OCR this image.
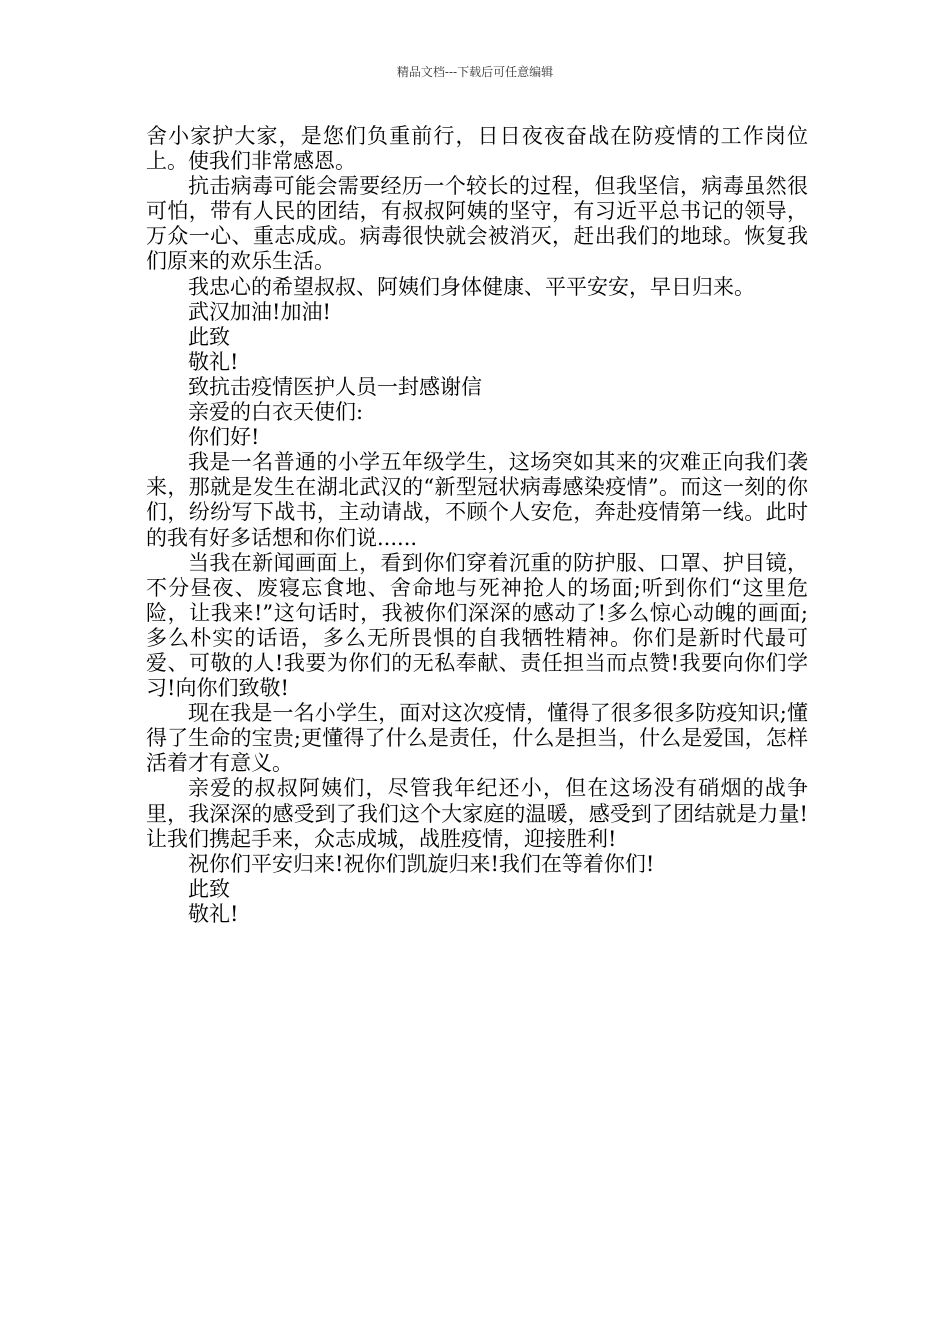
精品文档---下载后可任意编辑

舍小家护大家，是您们负重前行，日日夜夜奋战在防疫情的工作岗位上。使我们非常感恩。

抗击病毒可能会需要经历一个较长的过程，但我坚信，病毒虽然很可怕，带有人民的团结，有叔叔阿姨的坚守，有习近平总书记的领导，万众一心、重志成成。病毒很快就会被消灭，赶出我们的地球。恢复我们原来的欢乐生活。

我忠心的希望叔叔、阿姨们身体健康、平平安安，早日归来。

武汉加油!加油!

此致

敬礼!

致抗击疫情医护人员一封感谢信

亲爱的白衣天使们:

你们好!

我是一名普通的小学五年级学生，这场突如其来的灾难正向我们袭来，那就是发生在湖北武汉的“新型冠状病毒感染疫情”。而这一刻的你们，纷纷写下战书，主动请战，不顾个人安危，奔赴疫情第一线。此时的我有好多话想和你们说......

当我在新闻画面上，看到你们穿着沉重的防护服、口罩、护目镜，不分昼夜、废寝忘食地、舍命地与死神抢人的场面;听到你们“这里危险，让我来!”这句话时，我被你们深深的感动了!多么惊心动魄的画面;多么朴实的话语，多么无所畏惧的自我牺牲精神。你们是新时代最可爱、可敬的人!我要为你们的无私奉献、责任担当而点赞!我要向你们学习!向你们致敬!

现在我是一名小学生，面对这次疫情，懂得了很多很多防疫知识;懂得了生命的宝贵;更懂得了什么是责任，什么是担当，什么是爱国，怎样活着才有意义。

亲爱的叔叔阿姨们，尽管我年纪还小，但在这场没有硝烟的战争里，我深深的感受到了我们这个大家庭的温暖，感受到了团结就是力量!让我们携起手来，众志成城，战胜疫情，迎接胜利!

祝你们平安归来!祝你们凯旋归来!我们在等着你们!

此致

敬礼!
